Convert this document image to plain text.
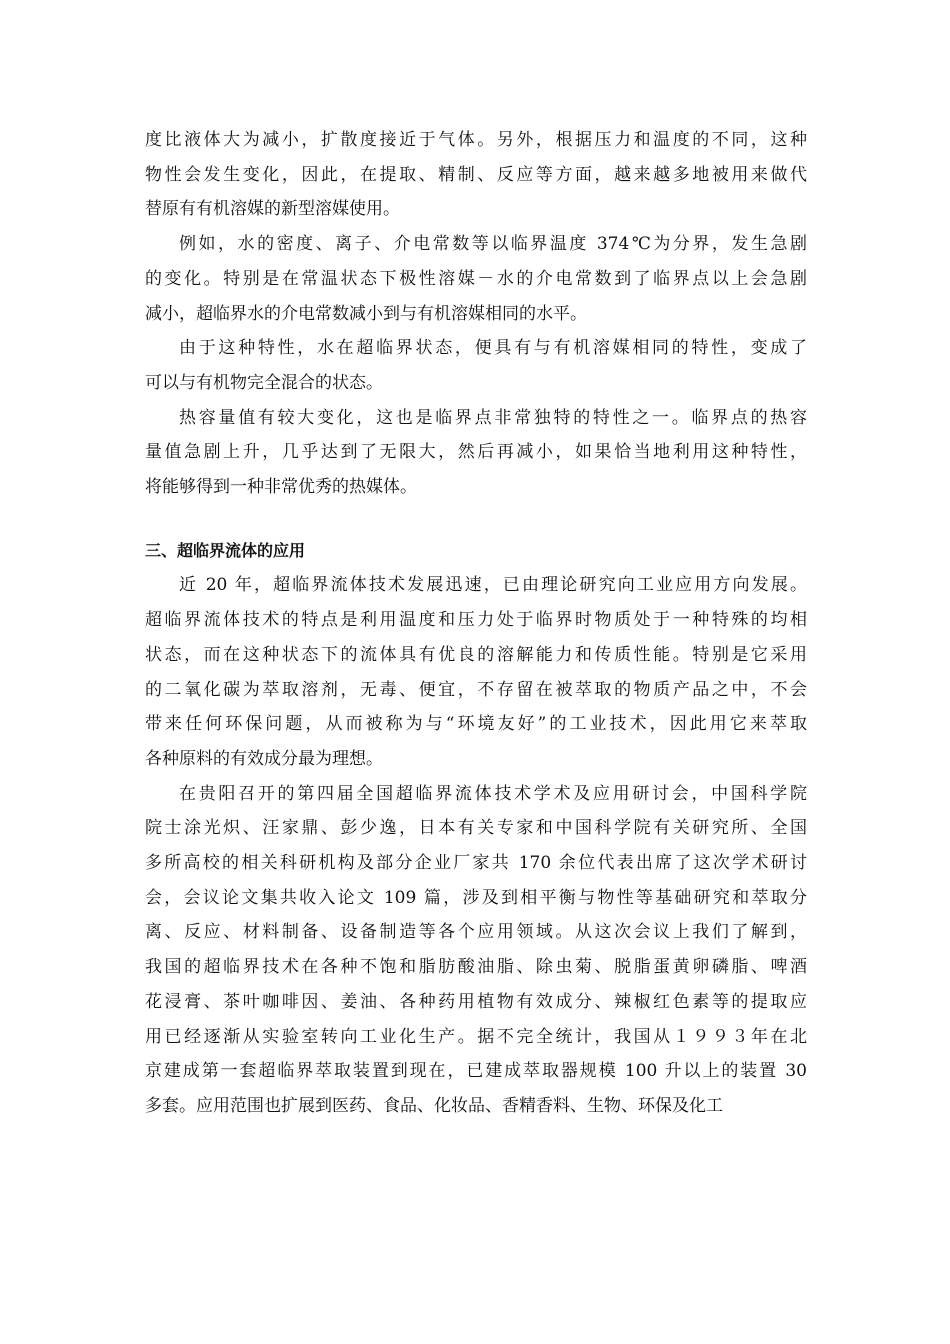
度比液体大为减小，扩散度接近于气体。另外，根据压力和温度的不同，这种
物性会发生变化，因此，在提取、精制、反应等方面，越来越多地被用来做代
替原有有机溶媒的新型溶媒使用。
例如，水的密度、离子、介电常数等以临界温度 374℃为分界，发生急剧
的变化。特别是在常温状态下极性溶媒－水的介电常数到了临界点以上会急剧
减小，超临界水的介电常数减小到与有机溶媒相同的水平。
由于这种特性，水在超临界状态，便具有与有机溶媒相同的特性，变成了
可以与有机物完全混合的状态。
热容量值有较大变化，这也是临界点非常独特的特性之一。临界点的热容
量值急剧上升，几乎达到了无限大，然后再减小，如果恰当地利用这种特性，
将能够得到一种非常优秀的热媒体。
三、超临界流体的应用
近 20 年，超临界流体技术发展迅速，已由理论研究向工业应用方向发展。
超临界流体技术的特点是利用温度和压力处于临界时物质处于一种特殊的均相
状态，而在这种状态下的流体具有优良的溶解能力和传质性能。特别是它采用
的二氧化碳为萃取溶剂，无毒、便宜，不存留在被萃取的物质产品之中，不会
带来任何环保问题，从而被称为与“环境友好”的工业技术，因此用它来萃取
各种原料的有效成分最为理想。
在贵阳召开的第四届全国超临界流体技术学术及应用研讨会，中国科学院
院士涂光炽、汪家鼎、彭少逸，日本有关专家和中国科学院有关研究所、全国
多所高校的相关科研机构及部分企业厂家共 170 余位代表出席了这次学术研讨
会，会议论文集共收入论文 109 篇，涉及到相平衡与物性等基础研究和萃取分
离、反应、材料制备、设备制造等各个应用领域。从这次会议上我们了解到，
我国的超临界技术在各种不饱和脂肪酸油脂、除虫菊、脱脂蛋黄卵磷脂、啤酒
花浸膏、茶叶咖啡因、姜油、各种药用植物有效成分、辣椒红色素等的提取应
用已经逐渐从实验室转向工业化生产。据不完全统计，我国从１９９３年在北
京建成第一套超临界萃取装置到现在，已建成萃取器规模 100 升以上的装置 30
多套。应用范围也扩展到医药、食品、化妆品、香精香料、生物、环保及化工
